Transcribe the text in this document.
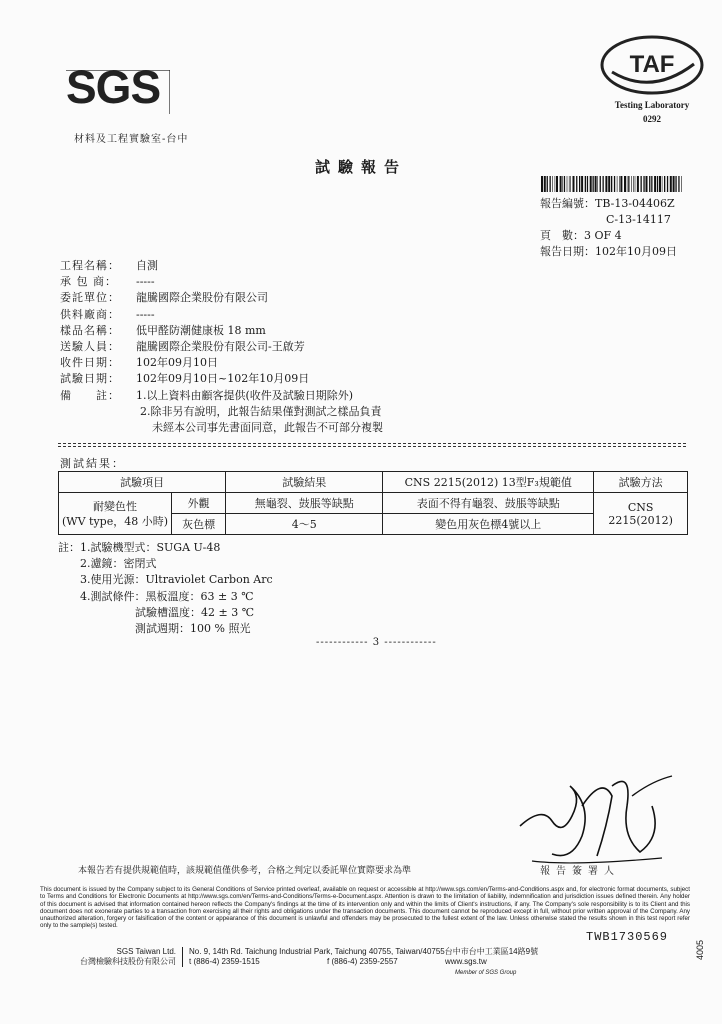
SGS
材料及工程實驗室-台中
TAF
Testing Laboratory
0292
試驗報告
報告編號：TB-13-04406Z
C-13-14117
頁　數：3 OF 4
報告日期：102年10月09日
工程名稱： 自測
承 包 商： -----
委託單位： 龍騰國際企業股份有限公司
供料廠商： -----
樣品名稱： 低甲醛防潮健康板 18 mm
送驗人員： 龍騰國際企業股份有限公司-王啟芳
收件日期： 102年09月10日
試驗日期： 102年09月10日~102年10月09日
備　　註： 1.以上資料由顧客提供(收件及試驗日期除外)
2.除非另有說明，此報告結果僅對測試之樣品負責
未經本公司事先書面同意，此報告不可部分複製
測試結果：
試驗項目		試驗結果	CNS 2215(2012) 13型F₃規範值	試驗方法

耐變色性
(WV type，48 小時)	外觀	無龜裂、鼓脹等缺點	表面不得有龜裂、鼓脹等缺點	CNS 2215(2012)
	灰色標	4～5	變色用灰色標4號以上	
註：1.試驗機型式：SUGA U-48
　　2.濾鏡：密閉式
　　3.使用光源：Ultraviolet Carbon Arc
　　4.測試條件：黑板溫度：63 ± 3 ℃
　　　　　　　試驗槽溫度：42 ± 3 ℃
　　　　　　　測試週期：100 % 照光
------------ 3 ------------
報告簽署人
本報告若有提供規範值時，該規範值僅供參考，合格之判定以委託單位實際要求為準
This document is issued by the Company subject to its General Conditions of Service printed overleaf, available on request or accessible at http://www.sgs.com/en/Terms-and-Conditions.aspx and, for electronic format documents, subject to Terms and Conditions for Electronic Documents at http://www.sgs.com/en/Terms-and-Conditions/Terms-e-Document.aspx. Attention is drawn to the limitation of liability, indemnification and jurisdiction issues defined therein. Any holder of this document is advised that information contained hereon reflects the Company's findings at the time of its intervention only and within the limits of Client's instructions, if any. The Company's sole responsibility is to its Client and this document does not exonerate parties to a transaction from exercising all their rights and obligations under the transaction documents. This document cannot be reproduced except in full, without prior written approval of the Company. Any unauthorized alteration, forgery or falsification of the content or appearance of this document is unlawful and offenders may be prosecuted to the fullest extent of the law. Unless otherwise stated the results shown in this test report refer only to the sample(s) tested.
SGS Taiwan Ltd.	No. 9, 14th Rd. Taichung Industrial Park, Taichung 40755, Taiwan /40755台中市台中工業區14路9號
台灣檢驗科技股份有限公司	t (886-4) 2359-1515	f (886-4) 2359-2557	www.sgs.tw
TWB1730569
4005
Member of SGS Group
